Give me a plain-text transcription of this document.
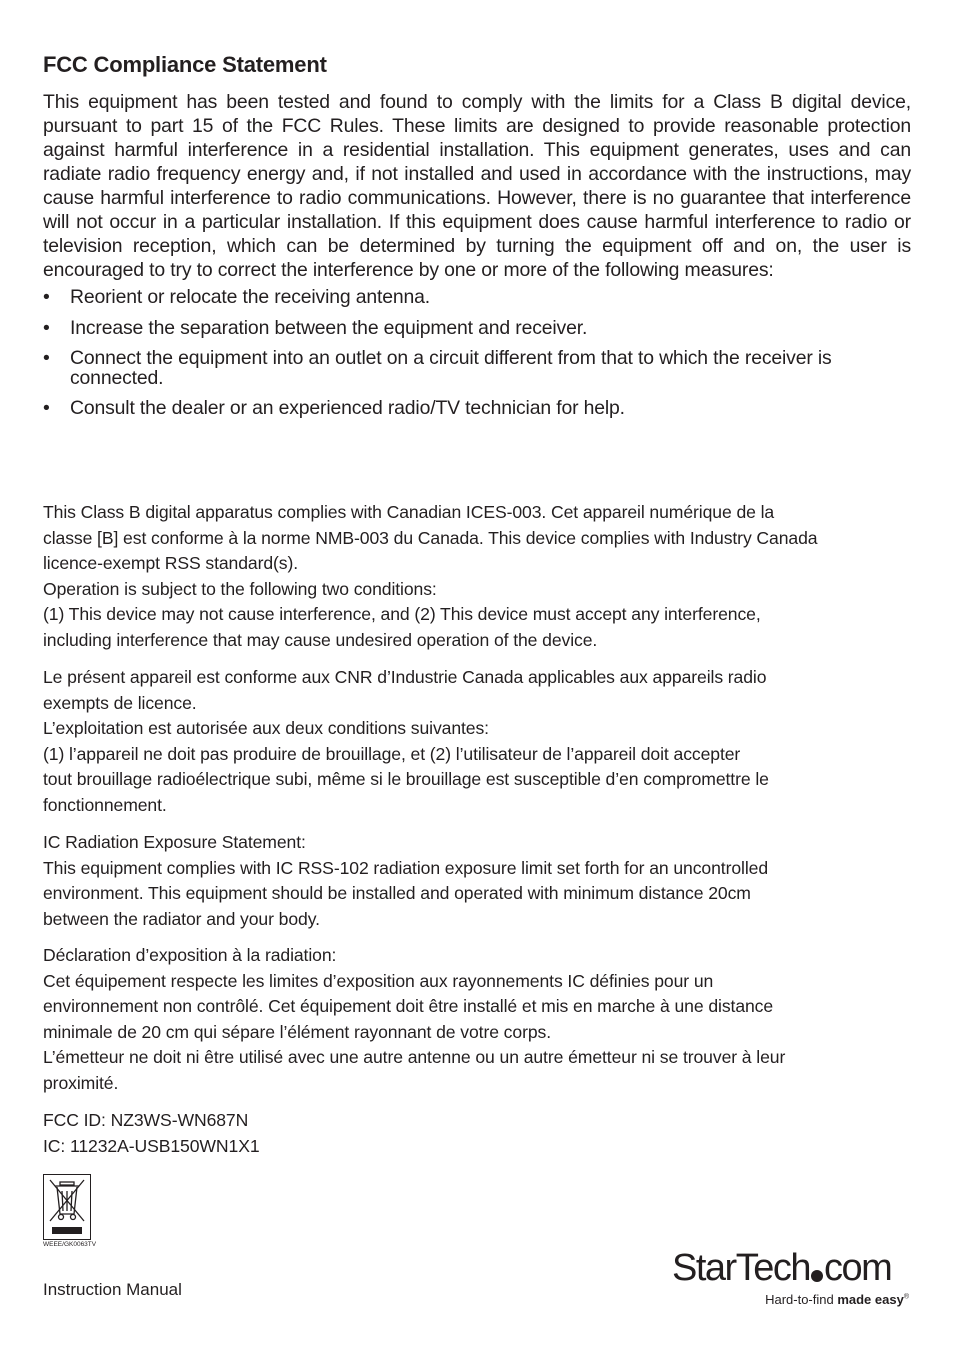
FCC Compliance Statement

This equipment has been tested and found to comply with the limits for a Class B digital device, pursuant to part 15 of the FCC Rules. These limits are designed to provide reasonable protection against harmful interference in a residential installation. This equipment generates, uses and can radiate radio frequency energy and, if not installed and used in accordance with the instructions, may cause harmful interference to radio communications. However, there is no guarantee that interference will not occur in a particular installation. If this equipment does cause harmful interference to radio or television reception, which can be determined by turning the equipment off and on, the user is encouraged to try to correct the interference by one or more of the following measures:

• Reorient or relocate the receiving antenna.
• Increase the separation between the equipment and receiver.
• Connect the equipment into an outlet on a circuit different from that to which the receiver is connected.
• Consult the dealer or an experienced radio/TV technician for help.

This Class B digital apparatus complies with Canadian ICES-003. Cet appareil numérique de la

classe [B] est conforme à la norme NMB-003 du Canada. This device complies with Industry Canada

licence-exempt RSS standard(s).

Operation is subject to the following two conditions:

(1) This device may not cause interference, and (2) This device must accept any interference,

including interference that may cause undesired operation of the device.

Le présent appareil est conforme aux CNR d’Industrie Canada applicables aux appareils radio

exempts de licence.

L’exploitation est autorisée aux deux conditions suivantes:

(1) l’appareil ne doit pas produire de brouillage, et (2) l’utilisateur de l’appareil doit accepter

tout brouillage radioélectrique subi, même si le brouillage est susceptible d’en compromettre le

fonctionnement.

IC Radiation Exposure Statement:

This equipment complies with IC RSS-102 radiation exposure limit set forth for an uncontrolled

environment. This equipment should be installed and operated with minimum distance 20cm

between the radiator and your body.

Déclaration d’exposition à la radiation:

Cet équipement respecte les limites d’exposition aux rayonnements IC définies pour un

environnement non contrôlé. Cet équipement doit être installé et mis en marche à une distance

minimale de 20 cm qui sépare l’élément rayonnant de votre corps.

L’émetteur ne doit ni être utilisé avec une autre antenne ou un autre émetteur ni se trouver à leur

proximité.

FCC ID: NZ3WS-WN687N

IC: 11232A-USB150WN1X1

WEEE/GK0063TV
Instruction Manual
StarTech com
Hard-to-find made easy®
